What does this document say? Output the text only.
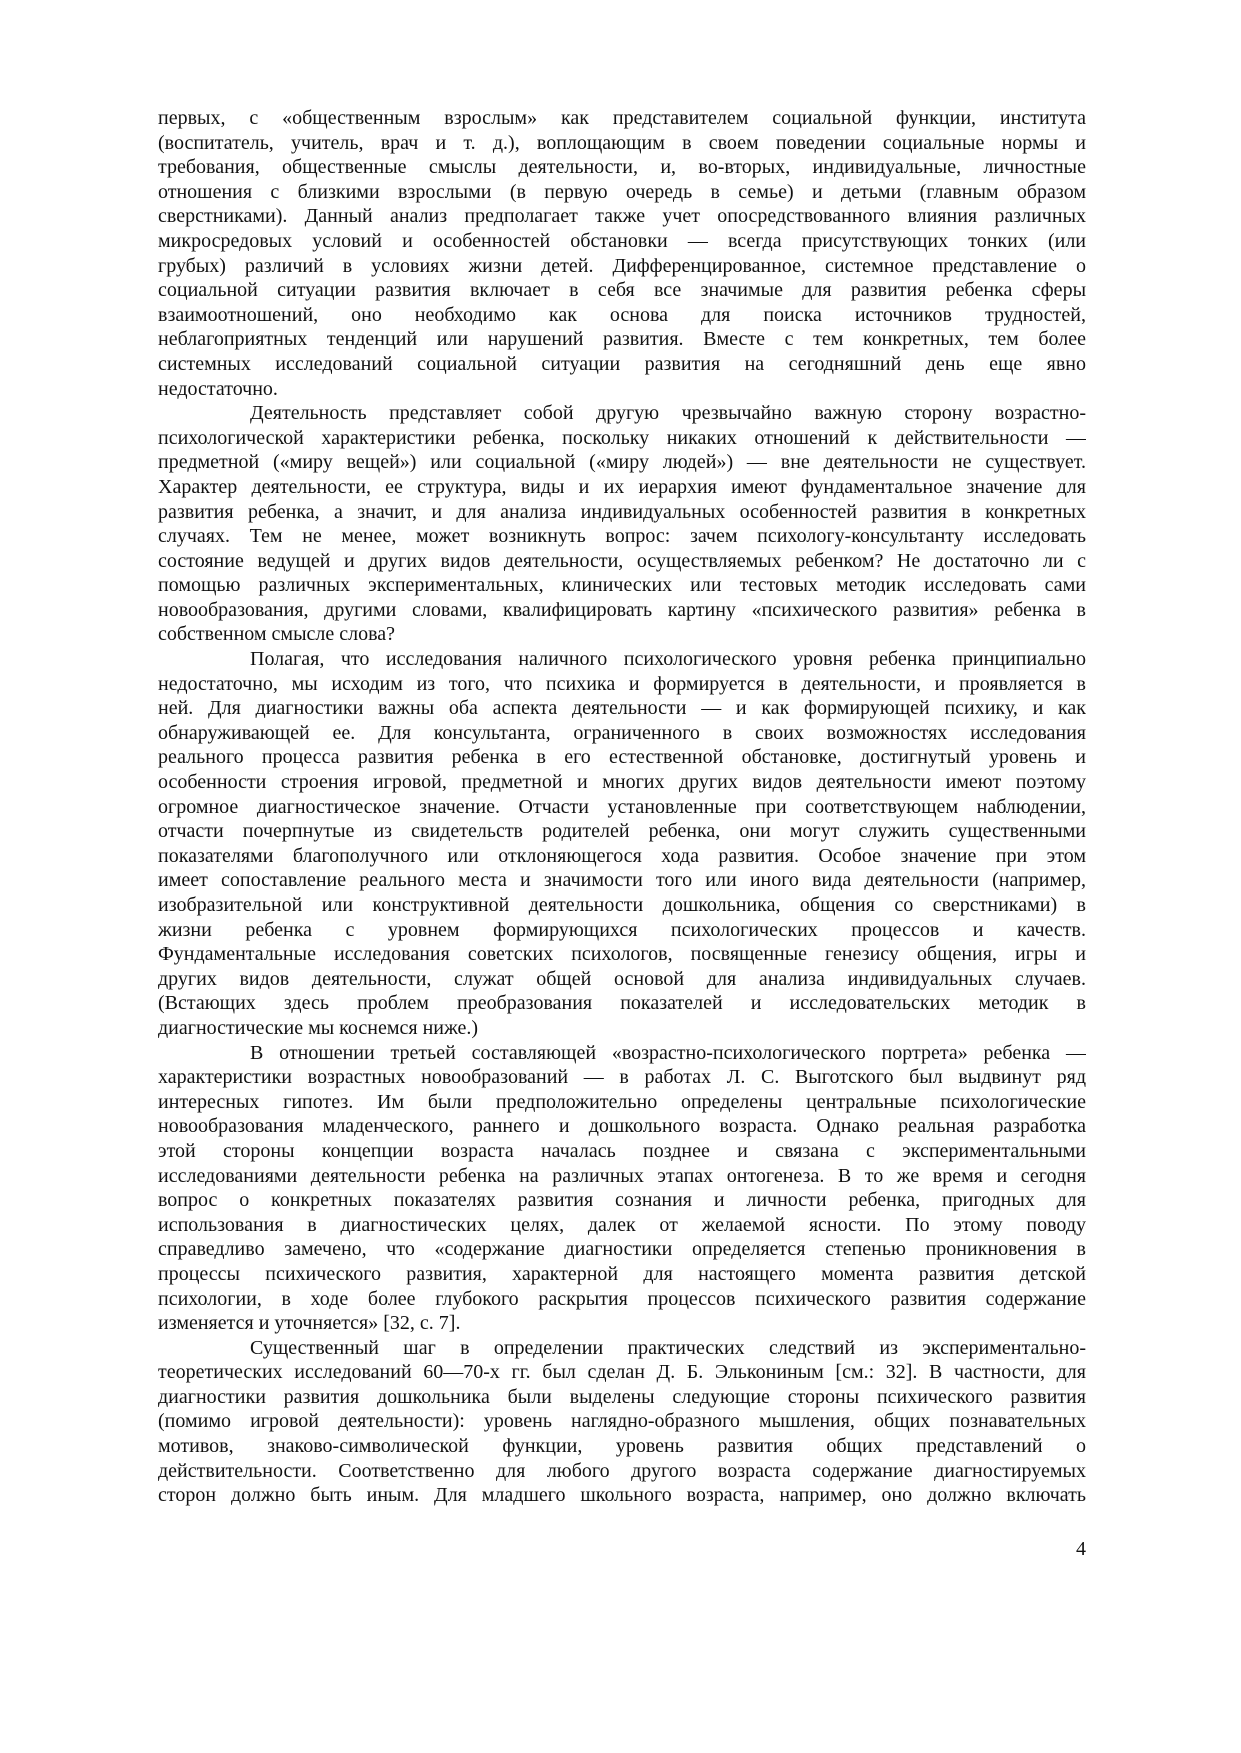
первых, с «общественным взрослым» как представителем социальной функции, института
(воспитатель, учитель, врач и т. д.), воплощающим в своем поведении социальные нормы и
требования, общественные смыслы деятельности, и, во-вторых, индивидуальные, личностные
отношения с близкими взрослыми (в первую очередь в семье) и детьми (главным образом
сверстниками). Данный анализ предполагает также учет опосредствованного влияния различных
микросредовых условий и особенностей обстановки — всегда присутствующих тонких (или
грубых) различий в условиях жизни детей. Дифференцированное, системное представление о
социальной ситуации развития включает в себя все значимые для развития ребенка сферы
взаимоотношений, оно необходимо как основа для поиска источников трудностей,
неблагоприятных тенденций или нарушений развития. Вместе с тем конкретных, тем более
системных исследований социальной ситуации развития на сегодняшний день еще явно
недостаточно.
Деятельность представляет собой другую чрезвычайно важную сторону возрастно-
психологической характеристики ребенка, поскольку никаких отношений к действительности —
предметной («миру вещей») или социальной («миру людей») — вне деятельности не существует.
Характер деятельности, ее структура, виды и их иерархия имеют фундаментальное значение для
развития ребенка, а значит, и для анализа индивидуальных особенностей развития в конкретных
случаях. Тем не менее, может возникнуть вопрос: зачем психологу-консультанту исследовать
состояние ведущей и других видов деятельности, осуществляемых ребенком? Не достаточно ли с
помощью различных экспериментальных, клинических или тестовых методик исследовать сами
новообразования, другими словами, квалифицировать картину «психического развития» ребенка в
собственном смысле слова?
Полагая, что исследования наличного психологического уровня ребенка принципиально
недостаточно, мы исходим из того, что психика и формируется в деятельности, и проявляется в
ней. Для диагностики важны оба аспекта деятельности — и как формирующей психику, и как
обнаруживающей ее. Для консультанта, ограниченного в своих возможностях исследования
реального процесса развития ребенка в его естественной обстановке, достигнутый уровень и
особенности строения игровой, предметной и многих других видов деятельности имеют поэтому
огромное диагностическое значение. Отчасти установленные при соответствующем наблюдении,
отчасти почерпнутые из свидетельств родителей ребенка, они могут служить существенными
показателями благополучного или отклоняющегося хода развития. Особое значение при этом
имеет сопоставление реального места и значимости того или иного вида деятельности (например,
изобразительной или конструктивной деятельности дошкольника, общения со сверстниками) в
жизни ребенка с уровнем формирующихся психологических процессов и качеств.
Фундаментальные исследования советских психологов, посвященные генезису общения, игры и
других видов деятельности, служат общей основой для анализа индивидуальных случаев.
(Встающих здесь проблем преобразования показателей и исследовательских методик в
диагностические мы коснемся ниже.)
В отношении третьей составляющей «возрастно-психологического портрета» ребенка —
характеристики возрастных новообразований — в работах Л. С. Выготского был выдвинут ряд
интересных гипотез. Им были предположительно определены центральные психологические
новообразования младенческого, раннего и дошкольного возраста. Однако реальная разработка
этой стороны концепции возраста началась позднее и связана с экспериментальными
исследованиями деятельности ребенка на различных этапах онтогенеза. В то же время и сегодня
вопрос о конкретных показателях развития сознания и личности ребенка, пригодных для
использования в диагностических целях, далек от желаемой ясности. По этому поводу
справедливо замечено, что «содержание диагностики определяется степенью проникновения в
процессы психического развития, характерной для настоящего момента развития детской
психологии, в ходе более глубокого раскрытия процессов психического развития содержание
изменяется и уточняется» [32, с. 7].
Существенный шаг в определении практических следствий из экспериментально-
теоретических исследований 60—70-х гг. был сделан Д. Б. Элькониным [см.: 32]. В частности, для
диагностики развития дошкольника были выделены следующие стороны психического развития
(помимо игровой деятельности): уровень наглядно-образного мышления, общих познавательных
мотивов, знаково-символической функции, уровень развития общих представлений о
действительности. Соответственно для любого другого возраста содержание диагностируемых
сторон должно быть иным. Для младшего школьного возраста, например, оно должно включать
4
